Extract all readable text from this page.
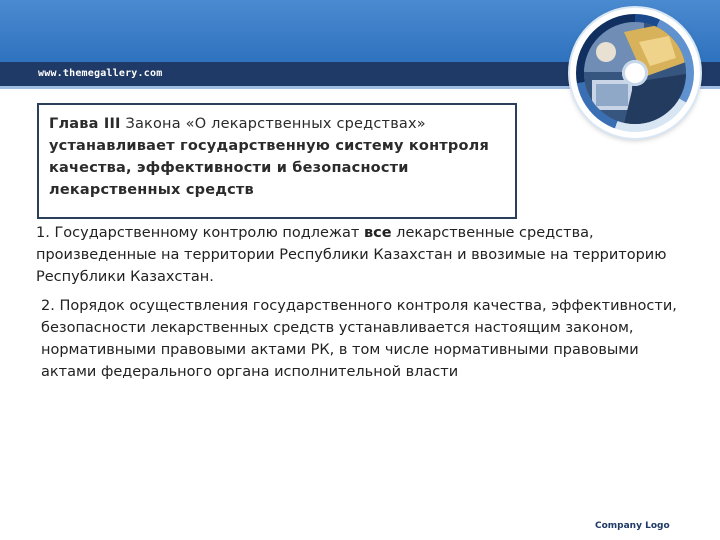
www.themegallery.com
Глава III Закона «О лекарственных средствах» устанавливает государственную систему контроля качества, эффективности и безопасности лекарственных средств
1. Государственному контролю подлежат все лекарственные средства, произведенные на территории Республики Казахстан и ввозимые на территорию Республики Казахстан.
2. Порядок осуществления государственного контроля качества, эффективности, безопасности лекарственных средств устанавливается настоящим законом, нормативными правовыми актами РК, в том числе нормативными правовыми актами федерального органа исполнительной власти
Company Logo
